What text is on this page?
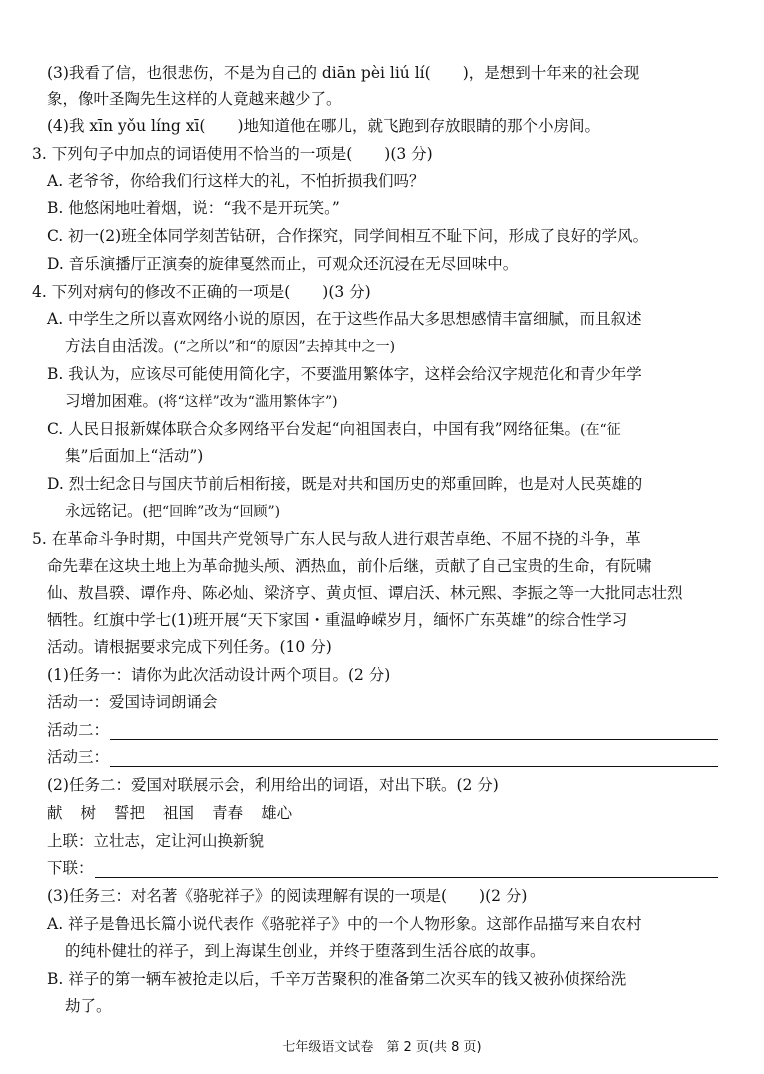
(3)我看了信，也很悲伤，不是为自己的 diān pèi liú lí( )，是想到十年来的社会现
象，像叶圣陶先生这样的人竟越来越少了。
(4)我 xīn yǒu líng xī( )地知道他在哪儿，就飞跑到存放眼睛的那个小房间。
3. 下列句子中加点的词语使用不恰当的一项是( )(3 分)
A. 老爷爷，你给我们行这样大的礼，不怕折损我们吗？
B. 他悠闲地吐着烟，说：“我不是开玩笑。”
C. 初一(2)班全体同学刻苦钻研，合作探究，同学间相互不耻下问，形成了良好的学风。
D. 音乐演播厅正演奏的旋律戛然而止，可观众还沉浸在无尽回味中。
4. 下列对病句的修改不正确的一项是( )(3 分)
A. 中学生之所以喜欢网络小说的原因，在于这些作品大多思想感情丰富细腻，而且叙述
方法自由活泼。(“之所以”和“的原因”去掉其中之一)
B. 我认为，应该尽可能使用简化字，不要滥用繁体字，这样会给汉字规范化和青少年学
习增加困难。(将“这样”改为“滥用繁体字”)
C. 人民日报新媒体联合众多网络平台发起“向祖国表白，中国有我”网络征集。(在“征
集”后面加上“活动”)
D. 烈士纪念日与国庆节前后相衔接，既是对共和国历史的郑重回眸，也是对人民英雄的
永远铭记。(把“回眸”改为“回顾”)
5. 在革命斗争时期，中国共产党领导广东人民与敌人进行艰苦卓绝、不屈不挠的斗争，革
命先辈在这块土地上为革命抛头颅、洒热血，前仆后继，贡献了自己宝贵的生命，有阮啸
仙、敖昌骙、谭作舟、陈必灿、梁济亨、黄贞恒、谭启沃、林元熙、李振之等一大批同志壮烈
牺牲。红旗中学七(1)班开展“天下家国・重温峥嵘岁月，缅怀广东英雄”的综合性学习
活动。请根据要求完成下列任务。(10 分)
(1)任务一：请你为此次活动设计两个项目。(2 分)
活动一：爱国诗词朗诵会
活动二：
活动三：
(2)任务二：爱国对联展示会，利用给出的词语，对出下联。(2 分)
献 树 誓把 祖国 青春 雄心
上联：立壮志，定让河山换新貌
下联：
(3)任务三：对名著《骆驼祥子》的阅读理解有误的一项是( )(2 分)
A. 祥子是鲁迅长篇小说代表作《骆驼祥子》中的一个人物形象。这部作品描写来自农村
的纯朴健壮的祥子，到上海谋生创业，并终于堕落到生活谷底的故事。
B. 祥子的第一辆车被抢走以后，千辛万苦聚积的准备第二次买车的钱又被孙侦探给洗
劫了。
七年级语文试卷　第 2 页(共 8 页)
